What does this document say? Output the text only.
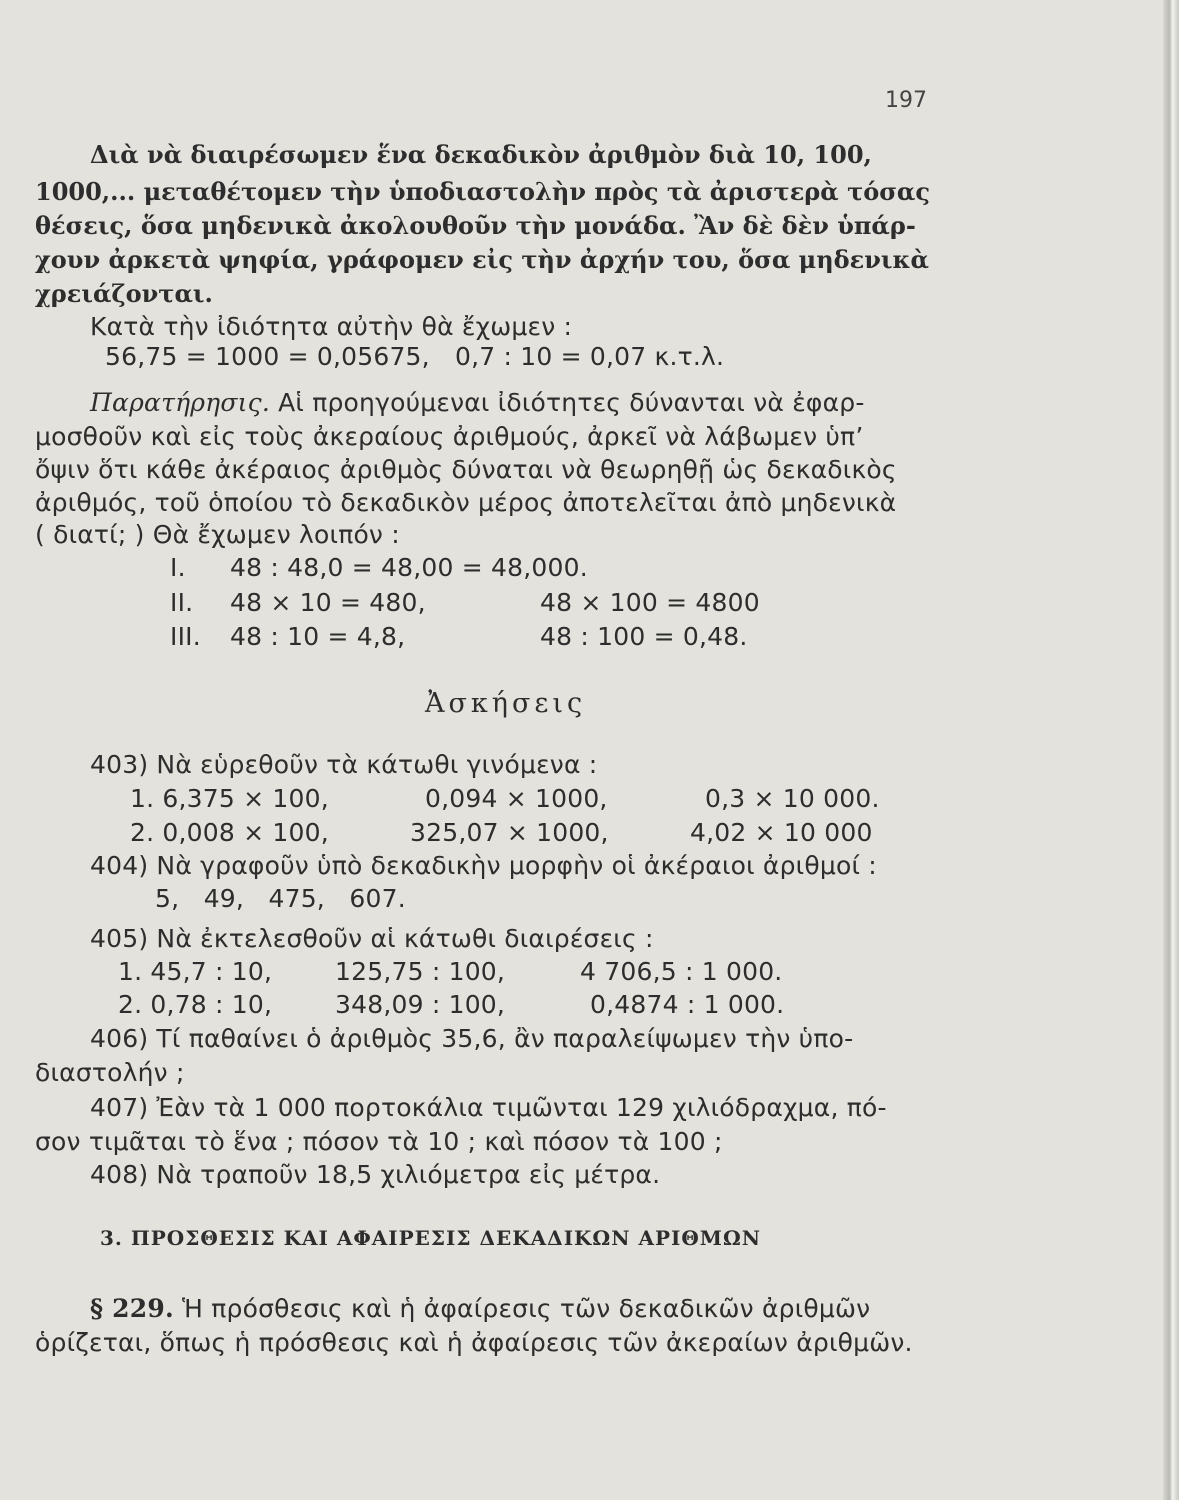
197
Διὰ νὰ διαιρέσωμεν ἕνα δεκαδικὸν ἀριθμὸν διὰ 10, 100,
1000,... μεταθέτομεν τὴν ὑποδιαστολὴν πρὸς τὰ ἀριστερὰ τόσας
θέσεις, ὅσα μηδενικὰ ἀκολουθοῦν τὴν μονάδα. Ἂν δὲ δὲν ὑπάρ-
χουν ἀρκετὰ ψηφία, γράφομεν εἰς τὴν ἀρχήν του, ὅσα μηδενικὰ
χρειάζονται.
Κατὰ τὴν ἰδιότητα αὐτὴν θὰ ἔχωμεν :
56,75 = 1000 = 0,05675, 0,7 : 10 = 0,07 κ.τ.λ.
Παρατήρησις. Αἱ προηγούμεναι ἰδιότητες δύνανται νὰ ἐφαρ-
μοσθοῦν καὶ εἰς τοὺς ἀκεραίους ἀριθμούς, ἀρκεῖ νὰ λάβωμεν ὑπ’
ὄψιν ὅτι κάθε ἀκέραιος ἀριθμὸς δύναται νὰ θεωρηθῇ ὡς δεκαδικὸς
ἀριθμός, τοῦ ὁποίου τὸ δεκαδικὸν μέρος ἀποτελεῖται ἀπὸ μηδενικὰ
( διατί; ) Θὰ ἔχωμεν λοιπόν :
I. 48 : 48,0 = 48,00 = 48,000.
II. 48 × 10 = 480,	48 × 100 = 4800
III. 48 : 10 = 4,8,	48 : 100 = 0,48.
Ἀσκήσεις
403) Νὰ εὑρεθοῦν τὰ κάτωθι γινόμενα :
1. 6,375 × 100,	0,094 × 1000,	0,3 × 10 000.
2. 0,008 × 100,	325,07 × 1000,	4,02 × 10 000
404) Νὰ γραφοῦν ὑπὸ δεκαδικὴν μορφὴν οἱ ἀκέραιοι ἀριθμοί :
5,   49,   475,   607.
405) Νὰ ἐκτελεσθοῦν αἱ κάτωθι διαιρέσεις :
1. 45,7 : 10,	125,75 : 100,	4 706,5 : 1 000.
2. 0,78 : 10,	348,09 : 100,	0,4874 : 1 000.
406) Τί παθαίνει ὁ ἀριθμὸς 35,6, ἂν παραλείψωμεν τὴν ὑπο-
διαστολήν ;
407) Ἐὰν τὰ 1 000 πορτοκάλια τιμῶνται 129 χιλιόδραχμα, πό-
σον τιμᾶται τὸ ἕνα ; πόσον τὰ 10 ; καὶ πόσον τὰ 100 ;
408) Νὰ τραποῦν 18,5 χιλιόμετρα εἰς μέτρα.
3. ΠΡΟΣΘΕΣΙΣ ΚΑΙ ΑΦΑΙΡΕΣΙΣ ΔΕΚΑΔΙΚΩΝ ΑΡΙΘΜΩΝ
§ 229. Ἡ πρόσθεσις καὶ ἡ ἀφαίρεσις τῶν δεκαδικῶν ἀριθμῶν
ὁρίζεται, ὅπως ἡ πρόσθεσις καὶ ἡ ἀφαίρεσις τῶν ἀκεραίων ἀριθμῶν.
